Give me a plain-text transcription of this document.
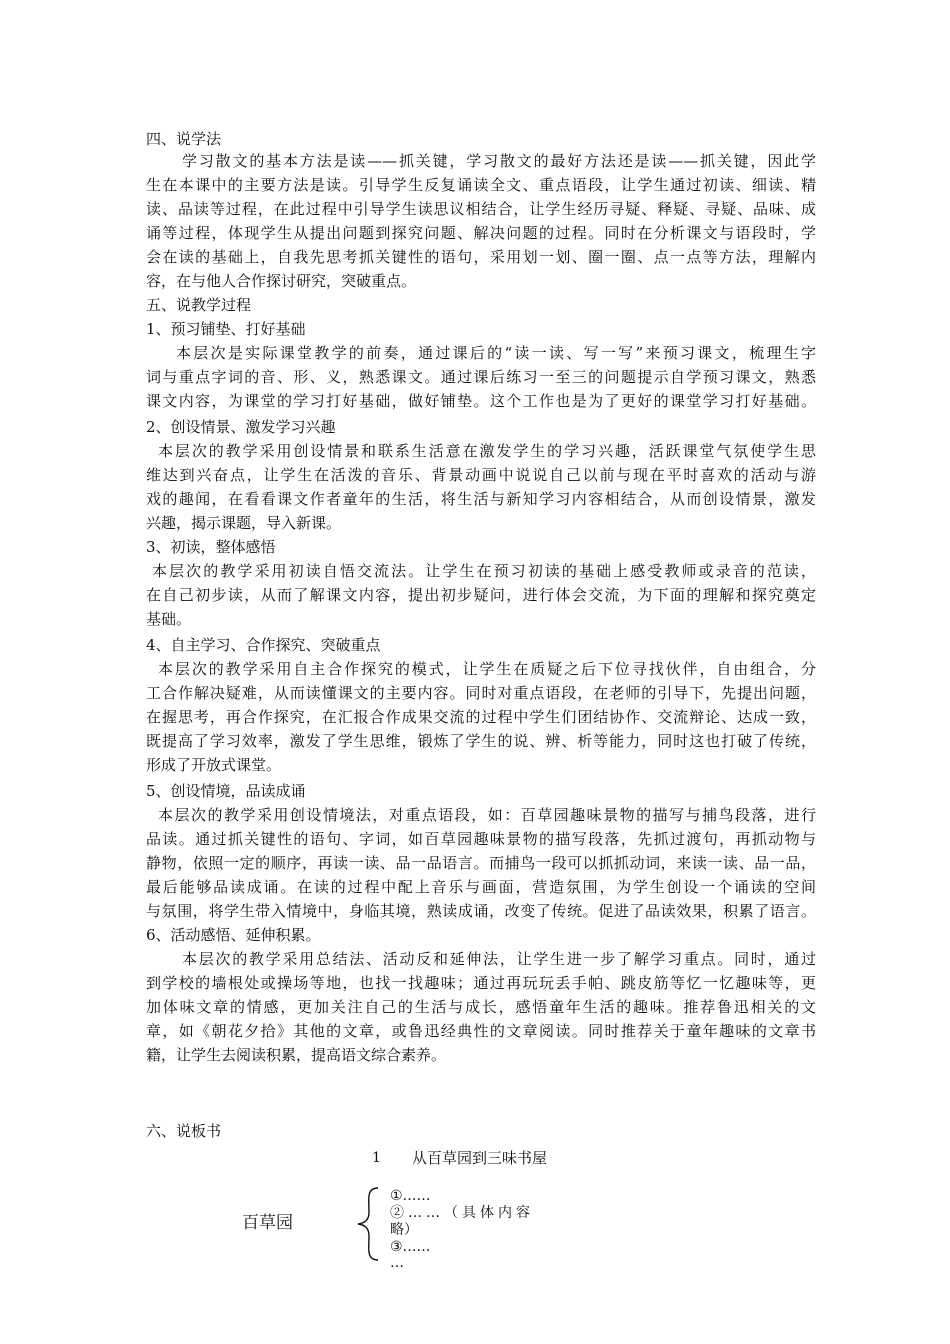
四、说学法
学习散文的基本方法是读——抓关键，学习散文的最好方法还是读——抓关键，因此学
生在本课中的主要方法是读。引导学生反复诵读全文、重点语段，让学生通过初读、细读、精
读、品读等过程，在此过程中引导学生读思议相结合，让学生经历寻疑、释疑、寻疑、品味、成
诵等过程，体现学生从提出问题到探究问题、解决问题的过程。同时在分析课文与语段时，学
会在读的基础上，自我先思考抓关键性的语句，采用划一划、圈一圈、点一点等方法，理解内
容，在与他人合作探讨研究，突破重点。
五、说教学过程
1、预习铺垫、打好基础
本层次是实际课堂教学的前奏，通过课后的“读一读、写一写”来预习课文，梳理生字
词与重点字词的音、形、义，熟悉课文。通过课后练习一至三的问题提示自学预习课文，熟悉
课文内容，为课堂的学习打好基础，做好铺垫。这个工作也是为了更好的课堂学习打好基础。
2、创设情景、激发学习兴趣
本层次的教学采用创设情景和联系生活意在激发学生的学习兴趣，活跃课堂气氛使学生思
维达到兴奋点，让学生在活泼的音乐、背景动画中说说自己以前与现在平时喜欢的活动与游
戏的趣闻，在看看课文作者童年的生活，将生活与新知学习内容相结合，从而创设情景，激发
兴趣，揭示课题，导入新课。
3、初读，整体感悟
本层次的教学采用初读自悟交流法。让学生在预习初读的基础上感受教师或录音的范读，
在自己初步读，从而了解课文内容，提出初步疑问，进行体会交流，为下面的理解和探究奠定
基础。
4、自主学习、合作探究、突破重点
本层次的教学采用自主合作探究的模式，让学生在质疑之后下位寻找伙伴，自由组合，分
工合作解决疑难，从而读懂课文的主要内容。同时对重点语段，在老师的引导下，先提出问题，
在握思考，再合作探究，在汇报合作成果交流的过程中学生们团结协作、交流辩论、达成一致，
既提高了学习效率，激发了学生思维，锻炼了学生的说、辨、析等能力，同时这也打破了传统，
形成了开放式课堂。
5、创设情境，品读成诵
本层次的教学采用创设情境法，对重点语段，如：百草园趣味景物的描写与捕鸟段落，进行
品读。通过抓关键性的语句、字词，如百草园趣味景物的描写段落，先抓过渡句，再抓动物与
静物，依照一定的顺序，再读一读、品一品语言。而捕鸟一段可以抓抓动词，来读一读、品一品，
最后能够品读成诵。在读的过程中配上音乐与画面，营造氛围，为学生创设一个诵读的空间
与氛围，将学生带入情境中，身临其境，熟读成诵，改变了传统。促进了品读效果，积累了语言。
6、活动感悟、延伸积累。
本层次的教学采用总结法、活动反和延伸法，让学生进一步了解学习重点。同时，通过
到学校的墙根处或操场等地，也找一找趣味；通过再玩玩丢手帕、跳皮筋等忆一忆趣味等，更
加体味文章的情感，更加关注自己的生活与成长，感悟童年生活的趣味。推荐鲁迅相关的文
章，如《朝花夕拾》其他的文章，或鲁迅经典性的文章阅读。同时推荐关于童年趣味的文章书
籍，让学生去阅读积累，提高语文综合素养。
六、说板书
1 从百草园到三味书屋
百草园
①……
②……（具体内容
略）
③……
…
